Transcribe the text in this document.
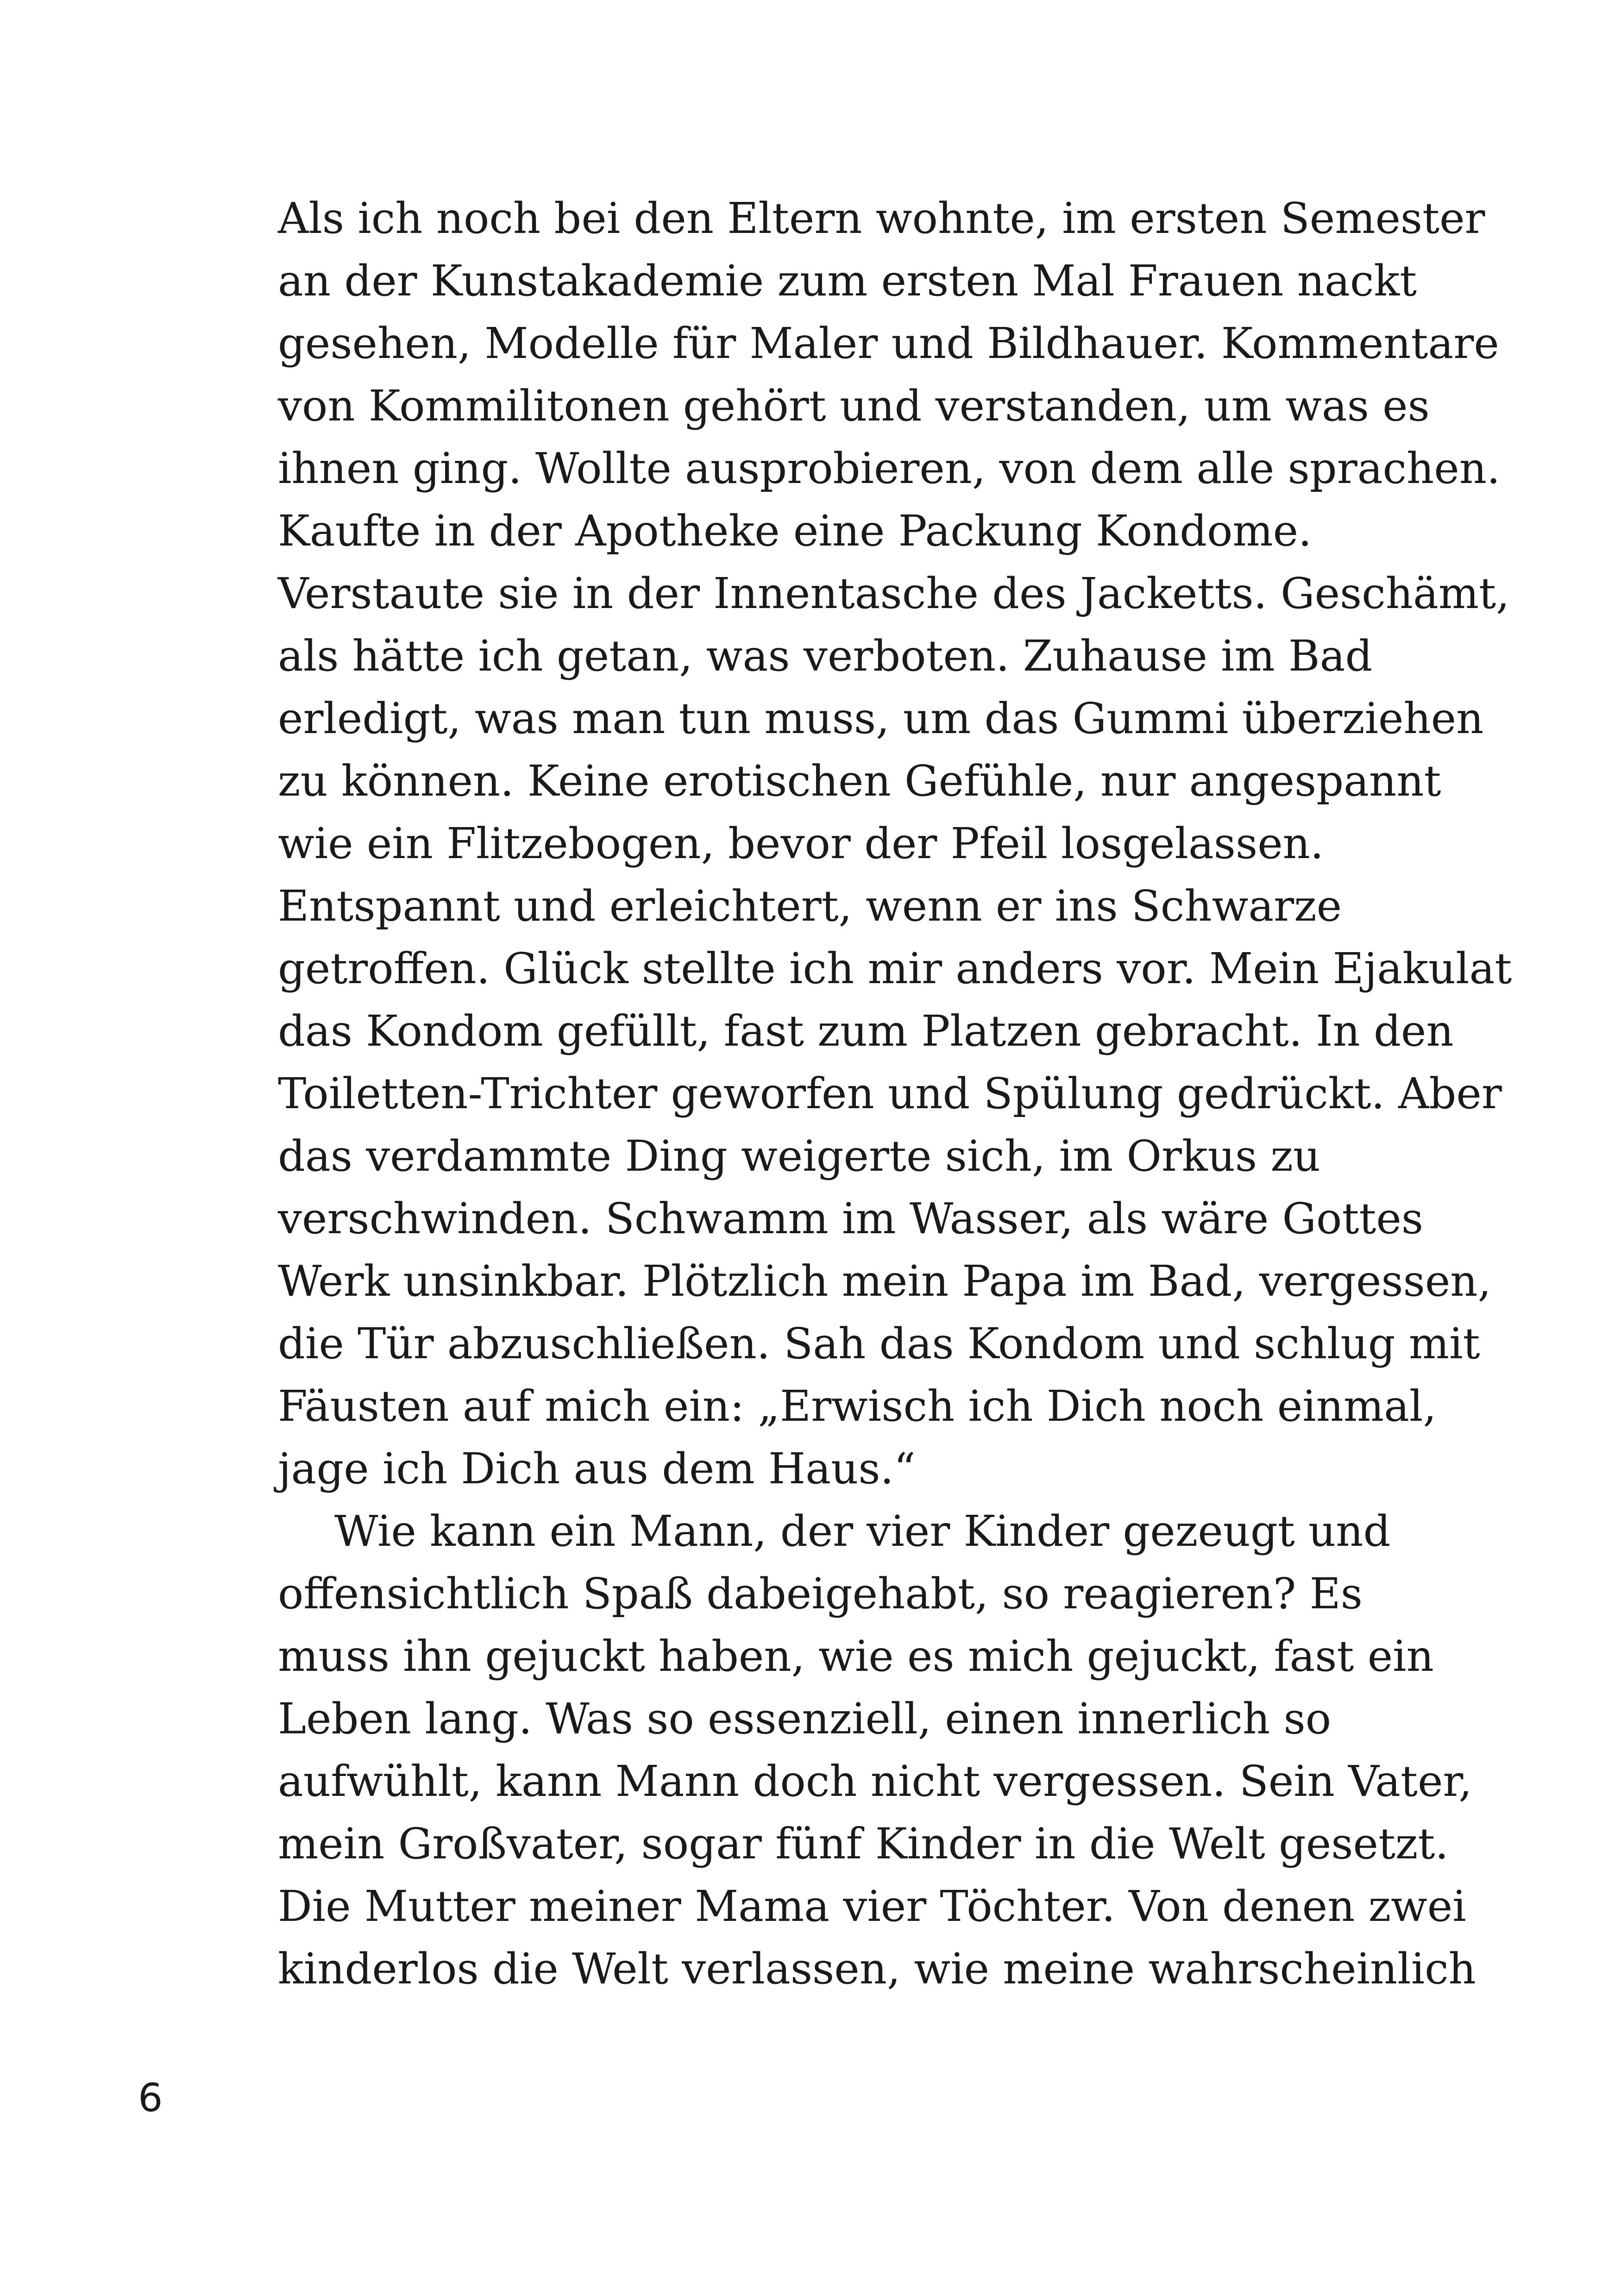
Als ich noch bei den Eltern wohnte, im ersten Semester
an der Kunstakademie zum ersten Mal Frauen nackt
gesehen, Modelle für Maler und Bildhauer. Kommentare
von Kommilitonen gehört und verstanden, um was es
ihnen ging. Wollte ausprobieren, von dem alle sprachen.
Kaufte in der Apotheke eine Packung Kondome.
Verstaute sie in der Innentasche des Jacketts. Geschämt,
als hätte ich getan, was verboten. Zuhause im Bad
erledigt, was man tun muss, um das Gummi überziehen
zu können. Keine erotischen Gefühle, nur angespannt
wie ein Flitzebogen, bevor der Pfeil losgelassen.
Entspannt und erleichtert, wenn er ins Schwarze
getroffen. Glück stellte ich mir anders vor. Mein Ejakulat
das Kondom gefüllt, fast zum Platzen gebracht. In den
Toiletten-Trichter geworfen und Spülung gedrückt. Aber
das verdammte Ding weigerte sich, im Orkus zu
verschwinden. Schwamm im Wasser, als wäre Gottes
Werk unsinkbar. Plötzlich mein Papa im Bad, vergessen,
die Tür abzuschließen. Sah das Kondom und schlug mit
Fäusten auf mich ein: „Erwisch ich Dich noch einmal,
jage ich Dich aus dem Haus.“
Wie kann ein Mann, der vier Kinder gezeugt und
offensichtlich Spaß dabeigehabt, so reagieren? Es
muss ihn gejuckt haben, wie es mich gejuckt, fast ein
Leben lang. Was so essenziell, einen innerlich so
aufwühlt, kann Mann doch nicht vergessen. Sein Vater,
mein Großvater, sogar fünf Kinder in die Welt gesetzt.
Die Mutter meiner Mama vier Töchter. Von denen zwei
kinderlos die Welt verlassen, wie meine wahrscheinlich
6
